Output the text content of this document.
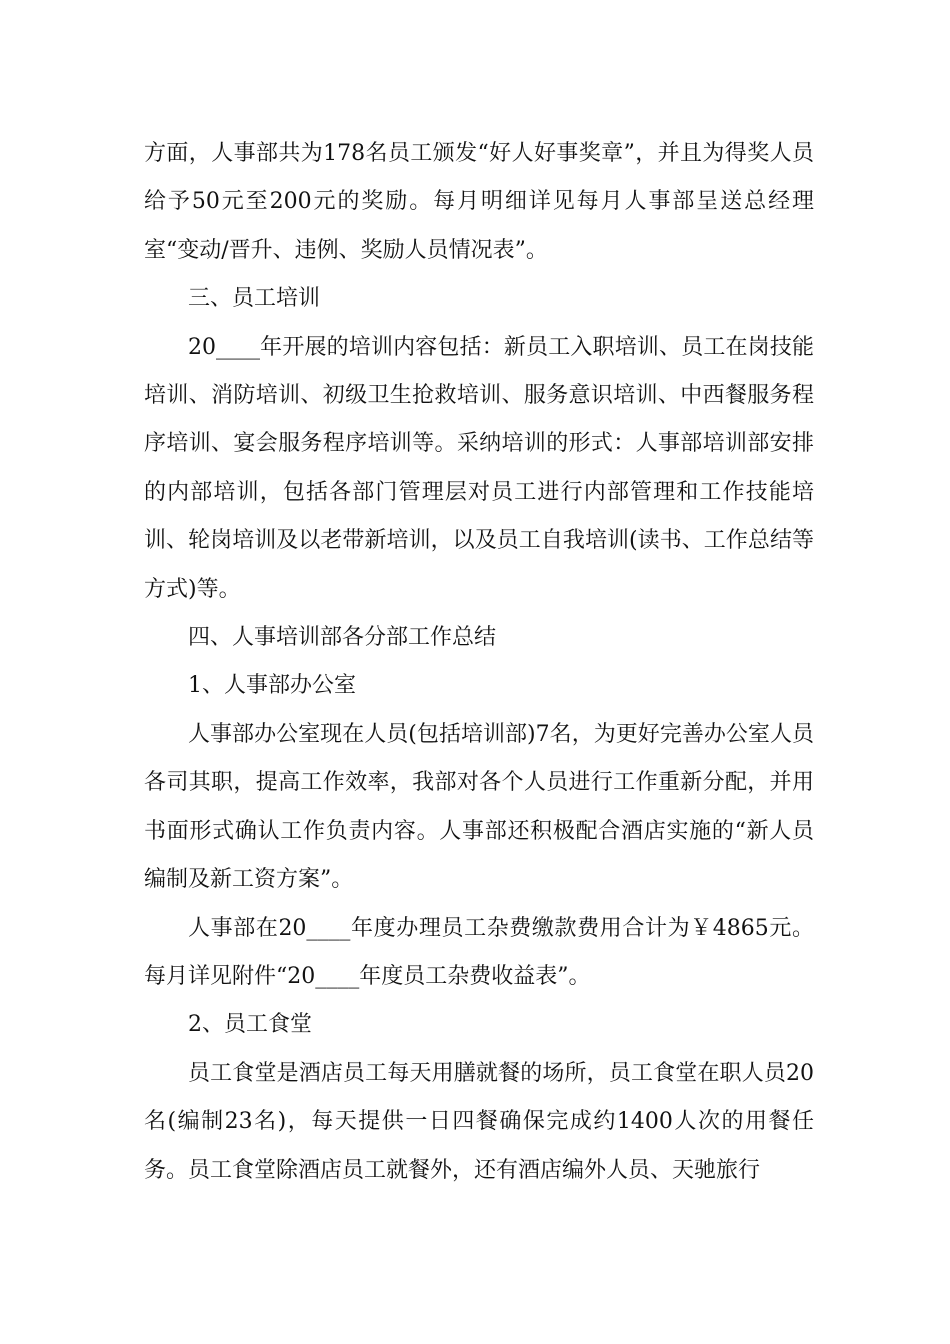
方面，人事部共为178名员工颁发“好人好事奖章”，并且为得奖人员给予50元至200元的奖励。每月明细详见每月人事部呈送总经理室“变动/晋升、违例、奖励人员情况表”。

三、员工培训

20____年开展的培训内容包括：新员工入职培训、员工在岗技能培训、消防培训、初级卫生抢救培训、服务意识培训、中西餐服务程序培训、宴会服务程序培训等。采纳培训的形式：人事部培训部安排的内部培训，包括各部门管理层对员工进行内部管理和工作技能培训、轮岗培训及以老带新培训，以及员工自我培训(读书、工作总结等方式)等。

四、人事培训部各分部工作总结

1、人事部办公室

人事部办公室现在人员(包括培训部)7名，为更好完善办公室人员各司其职，提高工作效率，我部对各个人员进行工作重新分配，并用书面形式确认工作负责内容。人事部还积极配合酒店实施的“新人员编制及新工资方案”。

人事部在20____年度办理员工杂费缴款费用合计为￥4865元。每月详见附件“20____年度员工杂费收益表”。

2、员工食堂

员工食堂是酒店员工每天用膳就餐的场所，员工食堂在职人员20名(编制23名)，每天提供一日四餐确保完成约1400人次的用餐任务。员工食堂除酒店员工就餐外，还有酒店编外人员、天驰旅行
